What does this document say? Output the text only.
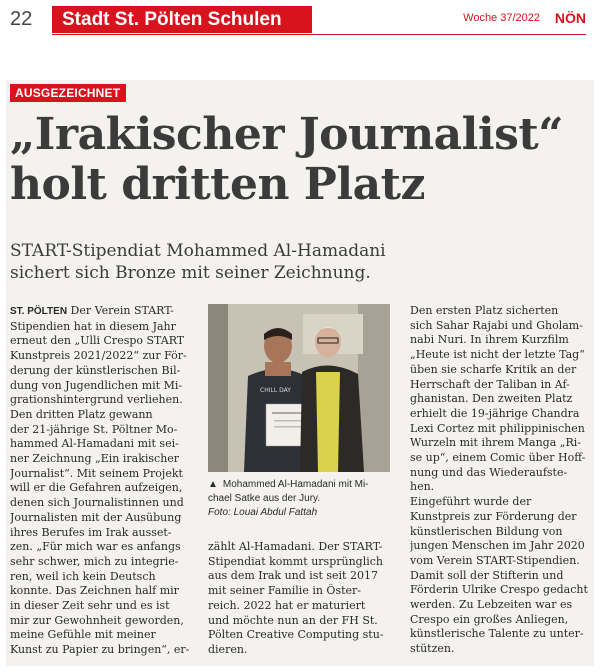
22	Stadt St. Pölten Schulen	Woche 37/2022 NÖN
AUSGEZEICHNET
„Irakischer Journalist“
holt dritten Platz
START-Stipendiat Mohammed Al-Hamadani
sichert sich Bronze mit seiner Zeichnung.
ST. PÖLTEN Der Verein START-
Stipendien hat in diesem Jahr
erneut den „Ulli Crespo START
Kunstpreis 2021/2022“ zur För-
derung der künstlerischen Bil-
dung von Jugendlichen mit Mi-
grationshintergrund verliehen.
Den dritten Platz gewann
der 21-jährige St. Pöltner Mo-
hammed Al-Hamadani mit sei-
ner Zeichnung „Ein irakischer
Journalist“. Mit seinem Projekt
will er die Gefahren aufzeigen,
denen sich Journalistinnen und
Journalisten mit der Ausübung
ihres Berufes im Irak ausset-
zen. „Für mich war es anfangs
sehr schwer, mich zu integrie-
ren, weil ich kein Deutsch
konnte. Das Zeichnen half mir
in dieser Zeit sehr und es ist
mir zur Gewohnheit geworden,
meine Gefühle mit meiner
Kunst zu Papier zu bringen“, er-
CHILL DAY
▲ Mohammed Al-Hamadani mit Mi-
chael Satke aus der Jury.
Foto: Louai Abdul Fattah
zählt Al-Hamadani. Der START-
Stipendiat kommt ursprünglich
aus dem Irak und ist seit 2017
mit seiner Familie in Öster-
reich. 2022 hat er maturiert
und möchte nun an der FH St.
Pölten Creative Computing stu-
dieren.
Den ersten Platz sicherten
sich Sahar Rajabi und Gholam-
nabi Nuri. In ihrem Kurzfilm
„Heute ist nicht der letzte Tag“
üben sie scharfe Kritik an der
Herrschaft der Taliban in Af-
ghanistan. Den zweiten Platz
erhielt die 19-jährige Chandra
Lexi Cortez mit philippinischen
Wurzeln mit ihrem Manga „Ri-
se up“, einem Comic über Hoff-
nung und das Wiederaufste-
hen.
Eingeführt wurde der
Kunstpreis zur Förderung der
künstlerischen Bildung von
jungen Menschen im Jahr 2020
vom Verein START-Stipendien.
Damit soll der Stifterin und
Förderin Ulrike Crespo gedacht
werden. Zu Lebzeiten war es
Crespo ein großes Anliegen,
künstlerische Talente zu unter-
stützen.
